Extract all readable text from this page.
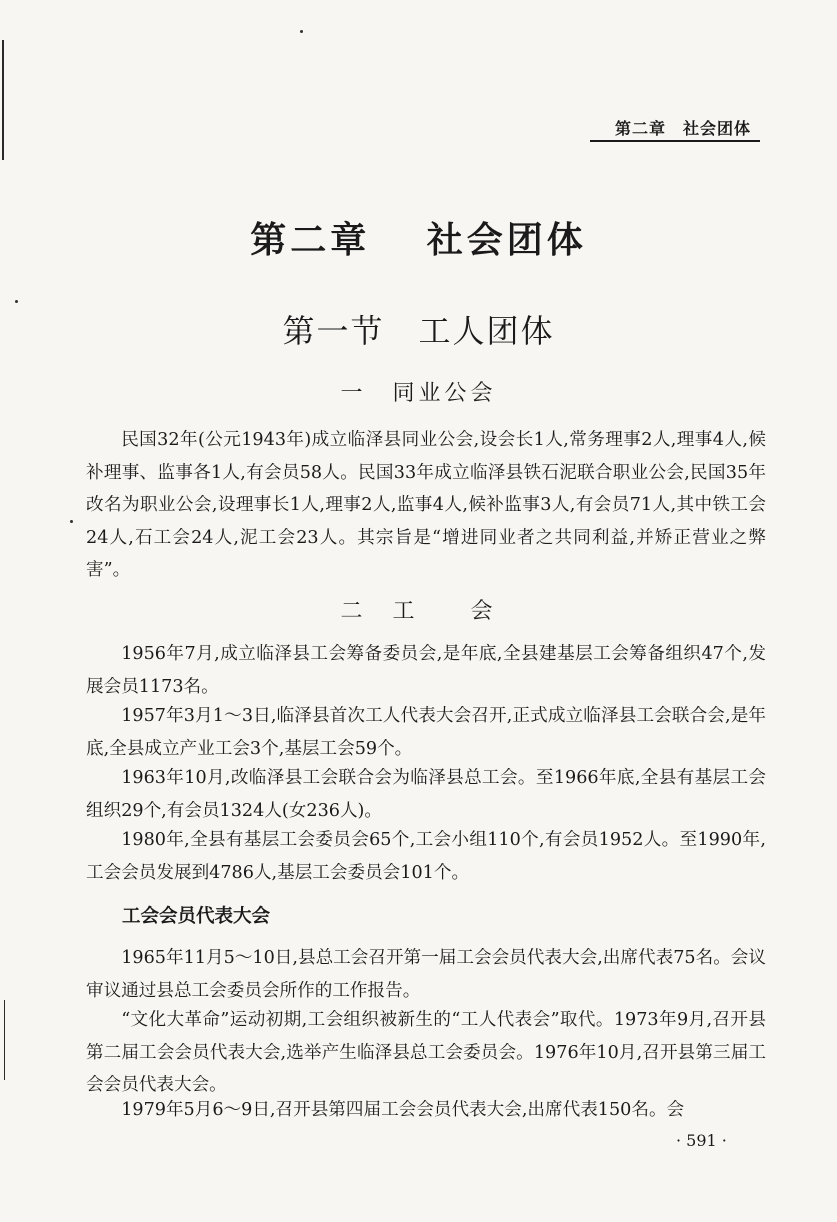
第二章　社会团体
第二章　 社会团体
第一节　工人团体
一　同业公会

民国32年(公元1943年)成立临泽县同业公会,设会长1人,常务理事2人,理事4人,候补理事、监事各1人,有会员58人。民国33年成立临泽县铁石泥联合职业公会,民国35年改名为职业公会,设理事长1人,理事2人,监事4人,候补监事3人,有会员71人,其中铁工会24人,石工会24人,泥工会23人。其宗旨是“增进同业者之共同利益,并矫正营业之弊害”。

二　工　　会

1956年7月,成立临泽县工会筹备委员会,是年底,全县建基层工会筹备组织47个,发展会员1173名。

1957年3月1～3日,临泽县首次工人代表大会召开,正式成立临泽县工会联合会,是年底,全县成立产业工会3个,基层工会59个。

1963年10月,改临泽县工会联合会为临泽县总工会。至1966年底,全县有基层工会组织29个,有会员1324人(女236人)。

1980年,全县有基层工会委员会65个,工会小组110个,有会员1952人。至1990年,工会会员发展到4786人,基层工会委员会101个。

工会会员代表大会

1965年11月5～10日,县总工会召开第一届工会会员代表大会,出席代表75名。会议审议通过县总工会委员会所作的工作报告。

“文化大革命”运动初期,工会组织被新生的“工人代表会”取代。1973年9月,召开县第二届工会会员代表大会,选举产生临泽县总工会委员会。1976年10月,召开县第三届工会会员代表大会。

1979年5月6～9日,召开县第四届工会会员代表大会,出席代表150名。会

· 591 ·
